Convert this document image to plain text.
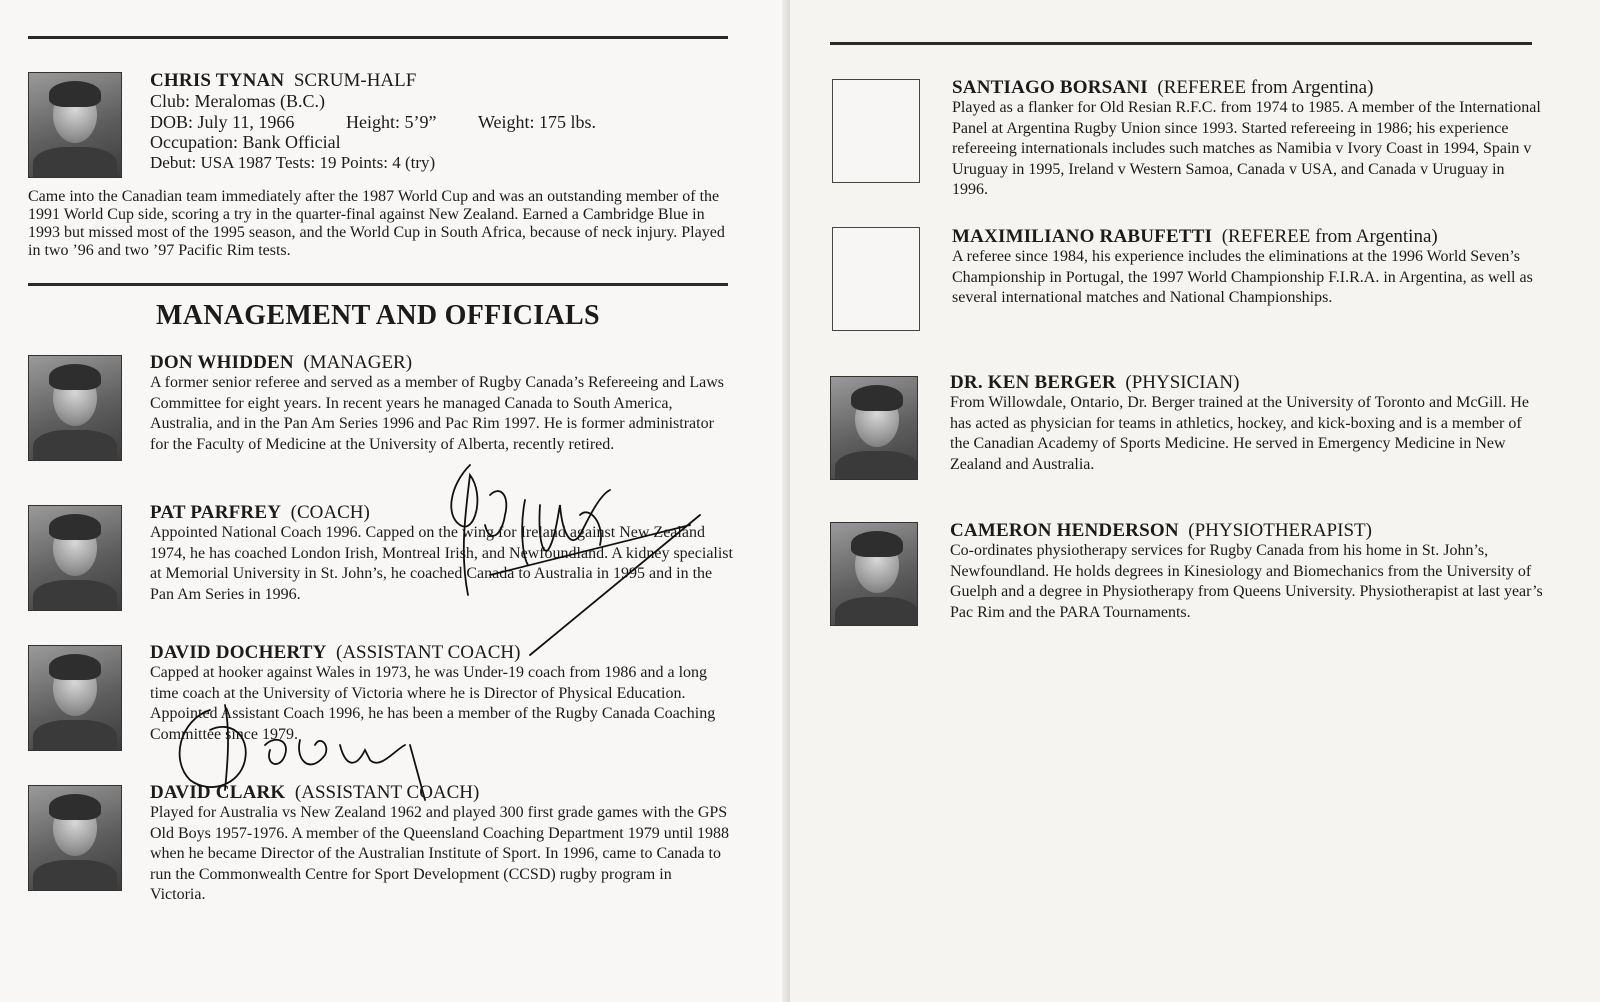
CHRIS TYNAN SCRUM-HALF
Club: Meralomas (B.C.)
DOB: July 11, 1966	Height: 5’9” Weight: 175 lbs.
Occupation: Bank Official
Debut: USA 1987 Tests: 19 Points: 4 (try)

Came into the Canadian team immediately after the 1987 World Cup and was an outstanding member of the 1991 World Cup side, scoring a try in the quarter-final against New Zealand. Earned a Cambridge Blue in 1993 but missed most of the 1995 season, and the World Cup in South Africa, because of neck injury. Played in two ’96 and two ’97 Pacific Rim tests.

MANAGEMENT AND OFFICIALS
DON WHIDDEN (MANAGER)

A former senior referee and served as a member of Rugby Canada’s Refereeing and Laws Committee for eight years. In recent years he managed Canada to South America, Australia, and in the Pan Am Series 1996 and Pac Rim 1997. He is former administrator for the Faculty of Medicine at the University of Alberta, recently retired.

PAT PARFREY (COACH)

Appointed National Coach 1996. Capped on the wing for Ireland against New Zealand 1974, he has coached London Irish, Montreal Irish, and Newfoundland. A kidney specialist at Memorial University in St. John’s, he coached Canada to Australia in 1995 and in the Pan Am Series in 1996.

DAVID DOCHERTY (ASSISTANT COACH)

Capped at hooker against Wales in 1973, he was Under-19 coach from 1986 and a long time coach at the University of Victoria where he is Director of Physical Education. Appointed Assistant Coach 1996, he has been a member of the Rugby Canada Coaching Committee since 1979.

DAVID CLARK (ASSISTANT COACH)

Played for Australia vs New Zealand 1962 and played 300 first grade games with the GPS Old Boys 1957-1976. A member of the Queensland Coaching Department 1979 until 1988 when he became Director of the Australian Institute of Sport. In 1996, came to Canada to run the Commonwealth Centre for Sport Development (CCSD) rugby program in Victoria.

SANTIAGO BORSANI (REFEREE from Argentina)

Played as a flanker for Old Resian R.F.C. from 1974 to 1985. A member of the International Panel at Argentina Rugby Union since 1993. Started refereeing in 1986; his experience refereeing internationals includes such matches as Namibia v Ivory Coast in 1994, Spain v Uruguay in 1995, Ireland v Western Samoa, Canada v USA, and Canada v Uruguay in 1996.

MAXIMILIANO RABUFETTI (REFEREE from Argentina)

A referee since 1984, his experience includes the eliminations at the 1996 World Seven’s Championship in Portugal, the 1997 World Championship F.I.R.A. in Argentina, as well as several international matches and National Championships.

DR. KEN BERGER (PHYSICIAN)

From Willowdale, Ontario, Dr. Berger trained at the University of Toronto and McGill. He has acted as physician for teams in athletics, hockey, and kick-boxing and is a member of the Canadian Academy of Sports Medicine. He served in Emergency Medicine in New Zealand and Australia.

CAMERON HENDERSON (PHYSIOTHERAPIST)

Co-ordinates physiotherapy services for Rugby Canada from his home in St. John’s, Newfoundland. He holds degrees in Kinesiology and Biomechanics from the University of Guelph and a degree in Physiotherapy from Queens University. Physiotherapist at last year’s Pac Rim and the PARA Tournaments.
